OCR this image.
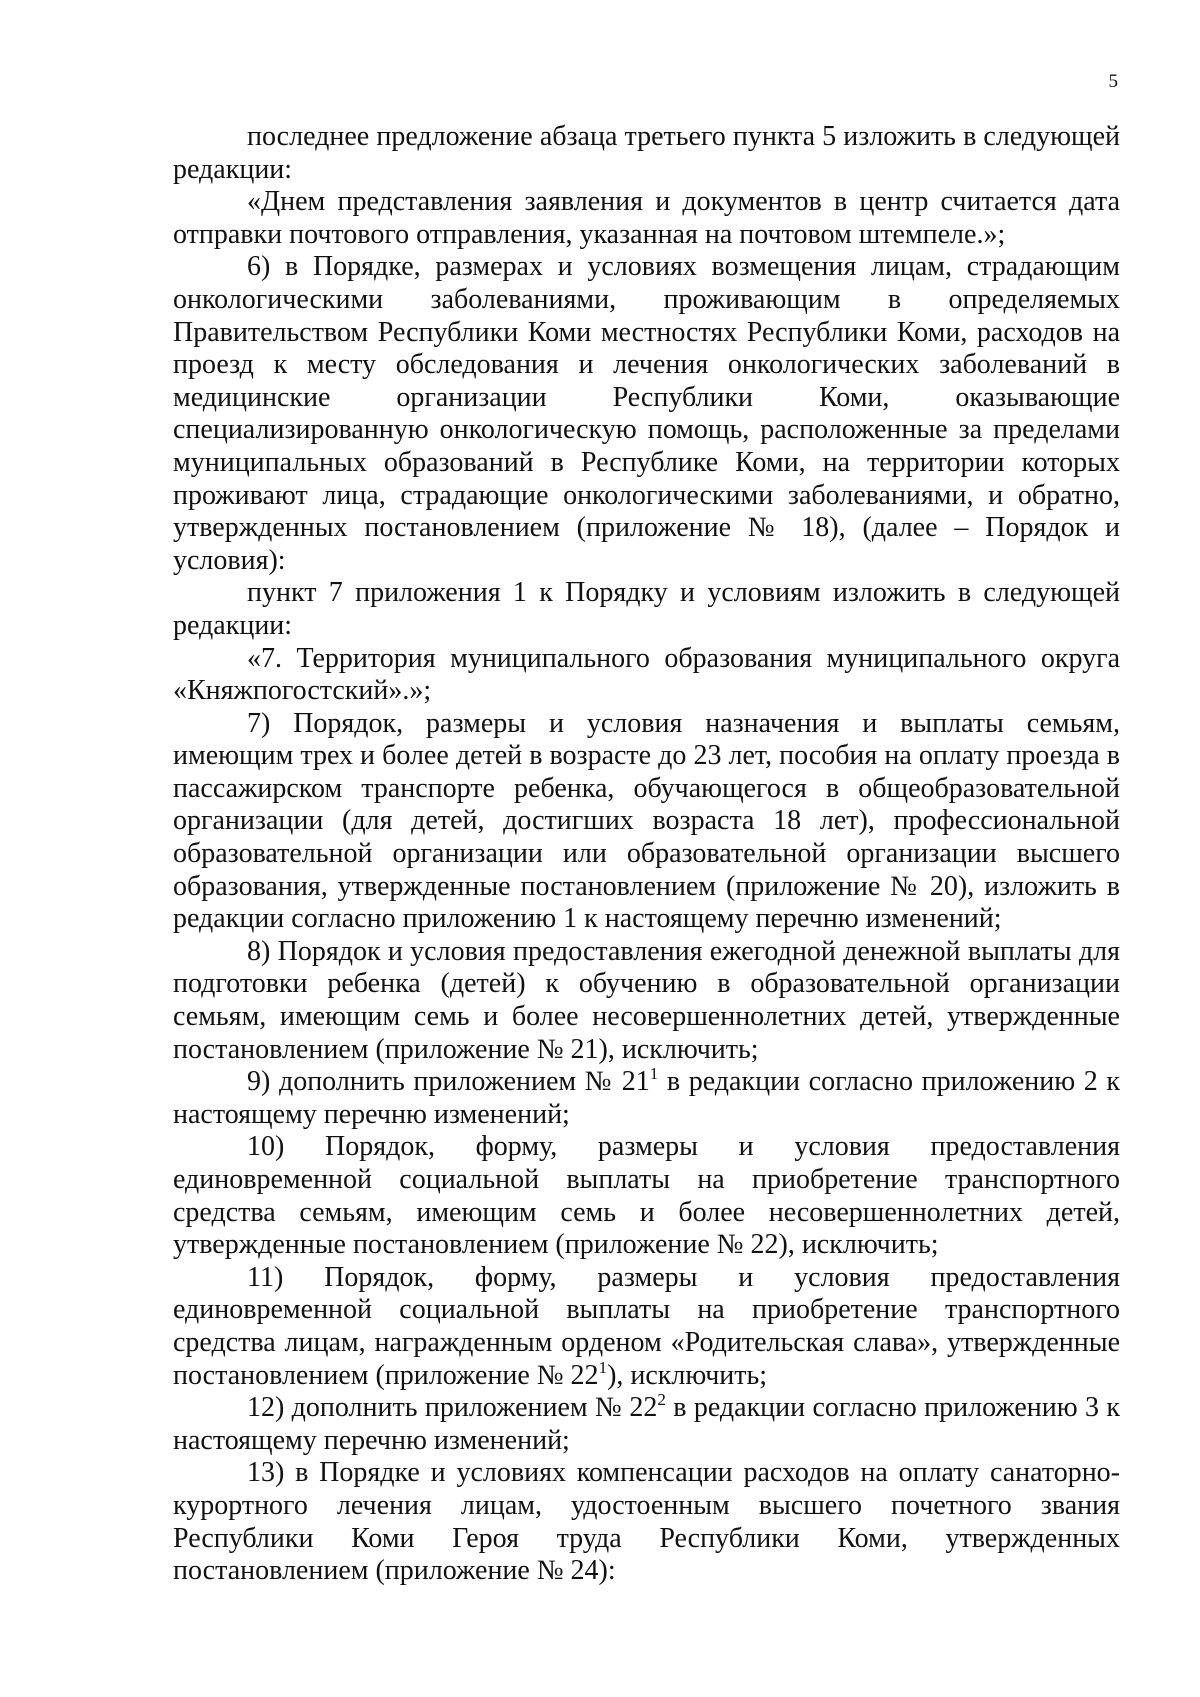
5

последнее предложение абзаца третьего пункта 5 изложить в следующей редакции:

«Днем представления заявления и документов в центр считается дата отправки почтового отправления, указанная на почтовом штемпеле.»;

6) в Порядке, размерах и условиях возмещения лицам, страдающим онкологическими заболеваниями, проживающим в определяемых Правительством Республики Коми местностях Республики Коми, расходов на проезд к месту обследования и лечения онкологических заболеваний в медицинские организации Республики Коми, оказывающие специализированную онкологическую помощь, расположенные за пределами муниципальных образований в Республике Коми, на территории которых проживают лица, страдающие онкологическими заболеваниями, и обратно, утвержденных постановлением (приложение № 18), (далее – Порядок и условия):

пункт 7 приложения 1 к Порядку и условиям изложить в следующей редакции:

«7. Территория муниципального образования муниципального округа «Княжпогостский».»;

7) Порядок, размеры и условия назначения и выплаты семьям, имеющим трех и более детей в возрасте до 23 лет, пособия на оплату проезда в пассажирском транспорте ребенка, обучающегося в общеобразовательной организации (для детей, достигших возраста 18 лет), профессиональной образовательной организации или образовательной организации высшего образования, утвержденные постановлением (приложение № 20), изложить в редакции согласно приложению 1 к настоящему перечню изменений;

8) Порядок и условия предоставления ежегодной денежной выплаты для подготовки ребенка (детей) к обучению в образовательной организации семьям, имеющим семь и более несовершеннолетних детей, утвержденные постановлением (приложение № 21), исключить;

9) дополнить приложением № $21^1$ в редакции согласно приложению 2 к настоящему перечню изменений;

10) Порядок, форму, размеры и условия предоставления единовременной социальной выплаты на приобретение транспортного средства семьям, имеющим семь и более несовершеннолетних детей, утвержденные постановлением (приложение № 22), исключить;

11) Порядок, форму, размеры и условия предоставления единовременной социальной выплаты на приобретение транспортного средства лицам, награжденным орденом «Родительская слава», утвержденные постановлением (приложение № $22^1$), исключить;

12) дополнить приложением № $22^2$ в редакции согласно приложению 3 к настоящему перечню изменений;

13) в Порядке и условиях компенсации расходов на оплату санаторно-курортного лечения лицам, удостоенным высшего почетного звания Республики Коми Героя труда Республики Коми, утвержденных постановлением (приложение № 24):
